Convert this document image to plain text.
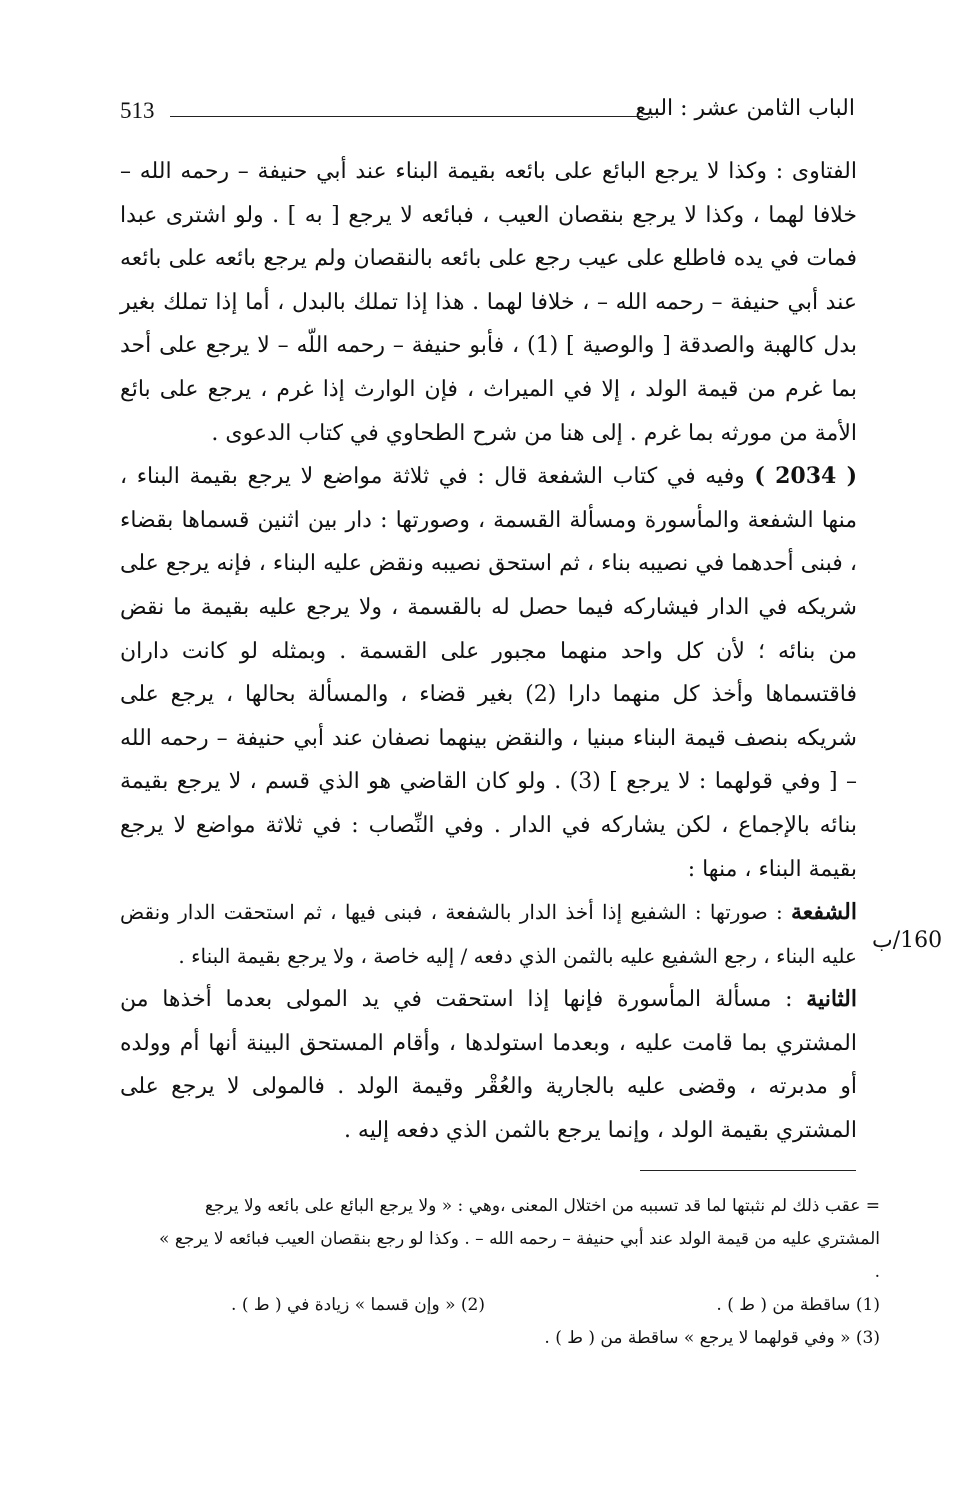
513	الباب الثامن عشر : البيع

الفتاوى : وكذا لا يرجع البائع على بائعه بقيمة البناء عند أبي حنيفة – رحمه الله – خلافا لهما ، وكذا لا يرجع بنقصان العيب ، فبائعه لا يرجع [ به ] . ولو اشترى عبدا فمات في يده فاطلع على عيب رجع على بائعه بالنقصان ولم يرجع بائعه على بائعه عند أبي حنيفة – رحمه الله – ، خلافا لهما . هذا إذا تملك بالبدل ، أما إذا تملك بغير بدل كالهبة والصدقة [ والوصية ] (1) ، فأبو حنيفة – رحمه اللّه – لا يرجع على أحد بما غرم من قيمة الولد ، إلا في الميراث ، فإن الوارث إذا غرم ، يرجع على بائع الأمة من مورثه بما غرم . إلى هنا من شرح الطحاوي في كتاب الدعوى .

( 2034 ) وفيه في كتاب الشفعة قال : في ثلاثة مواضع لا يرجع بقيمة البناء ، منها الشفعة والمأسورة ومسألة القسمة ، وصورتها : دار بين اثنين قسماها بقضاء ، فبنى أحدهما في نصيبه بناء ، ثم استحق نصيبه ونقض عليه البناء ، فإنه يرجع على شريكه في الدار فيشاركه فيما حصل له بالقسمة ، ولا يرجع عليه بقيمة ما نقض من بنائه ؛ لأن كل واحد منهما مجبور على القسمة . وبمثله لو كانت داران فاقتسماها وأخذ كل منهما دارا (2) بغير قضاء ، والمسألة بحالها ، يرجع على شريكه بنصف قيمة البناء مبنيا ، والنقض بينهما نصفان عند أبي حنيفة – رحمه الله – [ وفي قولهما : لا يرجع ] (3) . ولو كان القاضي هو الذي قسم ، لا يرجع بقيمة بنائه بالإجماع ، لكن يشاركه في الدار . وفي النِّصاب : في ثلاثة مواضع لا يرجع بقيمة البناء ، منها :

الشفعة : صورتها : الشفيع إذا أخذ الدار بالشفعة ، فبنى فيها ، ثم استحقت الدار ونقض عليه البناء ، رجع الشفيع عليه بالثمن الذي دفعه / إليه خاصة ، ولا يرجع بقيمة البناء .

الثانية : مسألة المأسورة فإنها إذا استحقت في يد المولى بعدما أخذها من المشتري بما قامت عليه ، وبعدما استولدها ، وأقام المستحق البينة أنها أم وولده أو مدبرته ، وقضى عليه بالجارية والعُقْر وقيمة الولد . فالمولى لا يرجع على المشتري بقيمة الولد ، وإنما يرجع بالثمن الذي دفعه إليه .

160/ب

= عقب ذلك لم نثبتها لما قد تسببه من اختلال المعنى ،وهي : « ولا يرجع البائع على بائعه ولا يرجع المشتري عليه من قيمة الولد عند أبي حنيفة – رحمه الله – . وكذا لو رجع بنقصان العيب فبائعه لا يرجع » .

(1) ساقطة من ( ط ) .
(2) « وإن قسما » زيادة في ( ط ) .

(3) « وفي قولهما لا يرجع » ساقطة من ( ط ) .
